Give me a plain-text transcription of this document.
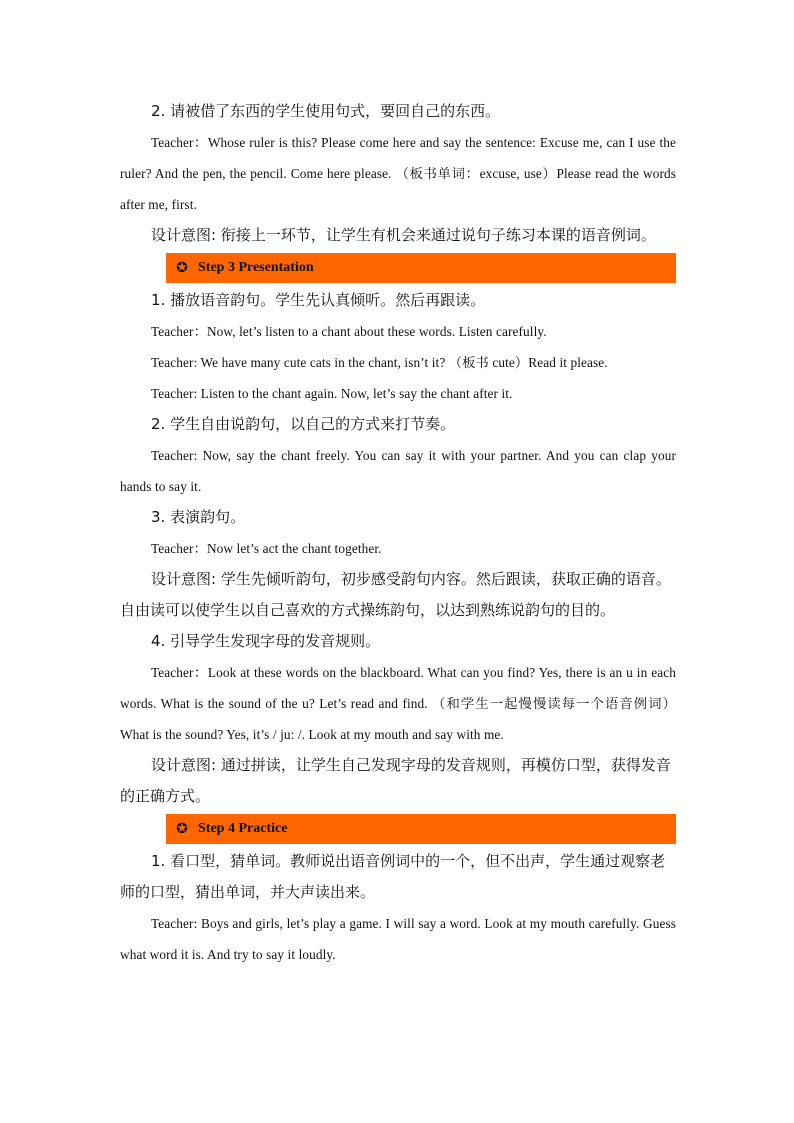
2. 请被借了东西的学生使用句式，要回自己的东西。

Teacher：Whose ruler is this? Please come here and say the sentence: Excuse me, can I use the ruler? And the pen, the pencil. Come here please. （板书单词：excuse, use）Please read the words after me, first.

设计意图: 衔接上一环节，让学生有机会来通过说句子练习本课的语音例词。

✪ Step 3 Presentation

1. 播放语音韵句。学生先认真倾听。然后再跟读。

Teacher：Now, let’s listen to a chant about these words. Listen carefully.

Teacher: We have many cute cats in the chant, isn’t it? （板书 cute）Read it please.

Teacher: Listen to the chant again. Now, let’s say the chant after it.

2. 学生自由说韵句，以自己的方式来打节奏。

Teacher: Now, say the chant freely. You can say it with your partner. And you can clap your hands to say it.

3. 表演韵句。

Teacher：Now let’s act the chant together.

设计意图: 学生先倾听韵句，初步感受韵句内容。然后跟读，获取正确的语音。自由读可以使学生以自己喜欢的方式操练韵句，以达到熟练说韵句的目的。

4. 引导学生发现字母的发音规则。

Teacher：Look at these words on the blackboard. What can you find? Yes, there is an u in each words. What is the sound of the u? Let’s read and find. （和学生一起慢慢读每一个语音例词）What is the sound? Yes, it’s / ju: /. Look at my mouth and say with me.

设计意图: 通过拼读，让学生自己发现字母的发音规则，再模仿口型，获得发音的正确方式。

✪ Step 4 Practice

1. 看口型，猜单词。教师说出语音例词中的一个，但不出声，学生通过观察老师的口型，猜出单词，并大声读出来。

Teacher: Boys and girls, let’s play a game. I will say a word. Look at my mouth carefully. Guess what word it is. And try to say it loudly.
